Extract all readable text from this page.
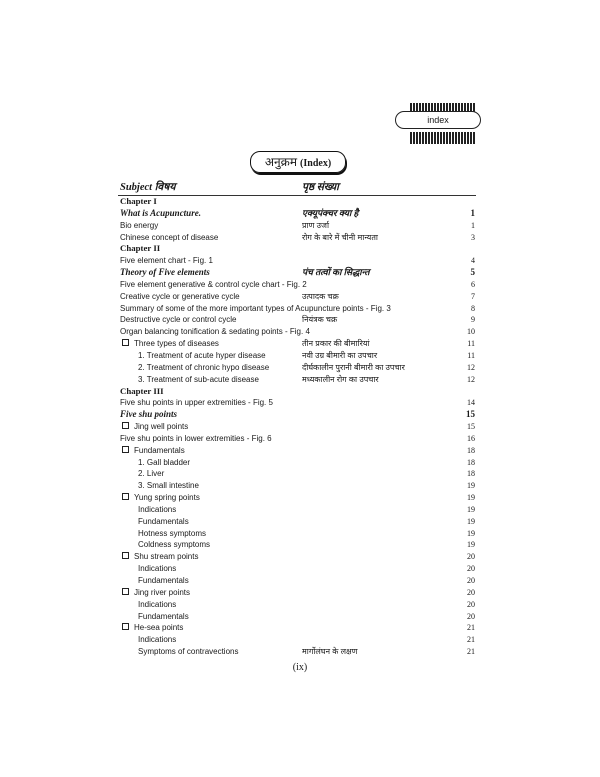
index
अनुक्रम (Index)
Subject विषय	पृष्ठ संख्या
Chapter I
What is Acupuncture.	एक्यूपंक्चर क्या है	1
Bio energy	प्राण उर्जा	1
Chinese concept of disease	रोग के बारे में चीनी मान्यता	3
Chapter II
Five element chart - Fig. 1	4
Theory of Five elements	पंच तत्वों का सिद्धान्त	5
Five element generative & control cycle chart - Fig. 2	6
Creative cycle or generative cycle	उत्पादक चक्र	7
Summary of some of the more important types of Acupuncture points - Fig. 3	8
Destructive cycle or control cycle	नियंत्रक चक्र	9
Organ balancing tonification & sedating points - Fig. 4	10
Three types of diseases	तीन प्रकार की बीमारियां	11
1. Treatment of acute hyper disease	नवी उग्र बीमारी का उपचार	11
2. Treatment of chronic hypo disease	दीर्घकालीन पुरानी बीमारी का उपचार	12
3. Treatment of sub-acute disease	मध्यकालीन रोग का उपचार	12
Chapter III
Five shu points in upper extremities - Fig. 5	14
Five shu points	15
Jing well points	15
Five shu points in lower extremities - Fig. 6	16
Fundamentals	18
1. Gall bladder	18
2. Liver	18
3. Small intestine	19
Yung spring points	19
Indications	19
Fundamentals	19
Hotness symptoms	19
Coldness symptoms	19
Shu stream points	20
Indications	20
Fundamentals	20
Jing river points	20
Indications	20
Fundamentals	20
He-sea points	21
Indications	21
Symptoms of contravections	मार्गोलंघन के लक्षण	21
(ix)
